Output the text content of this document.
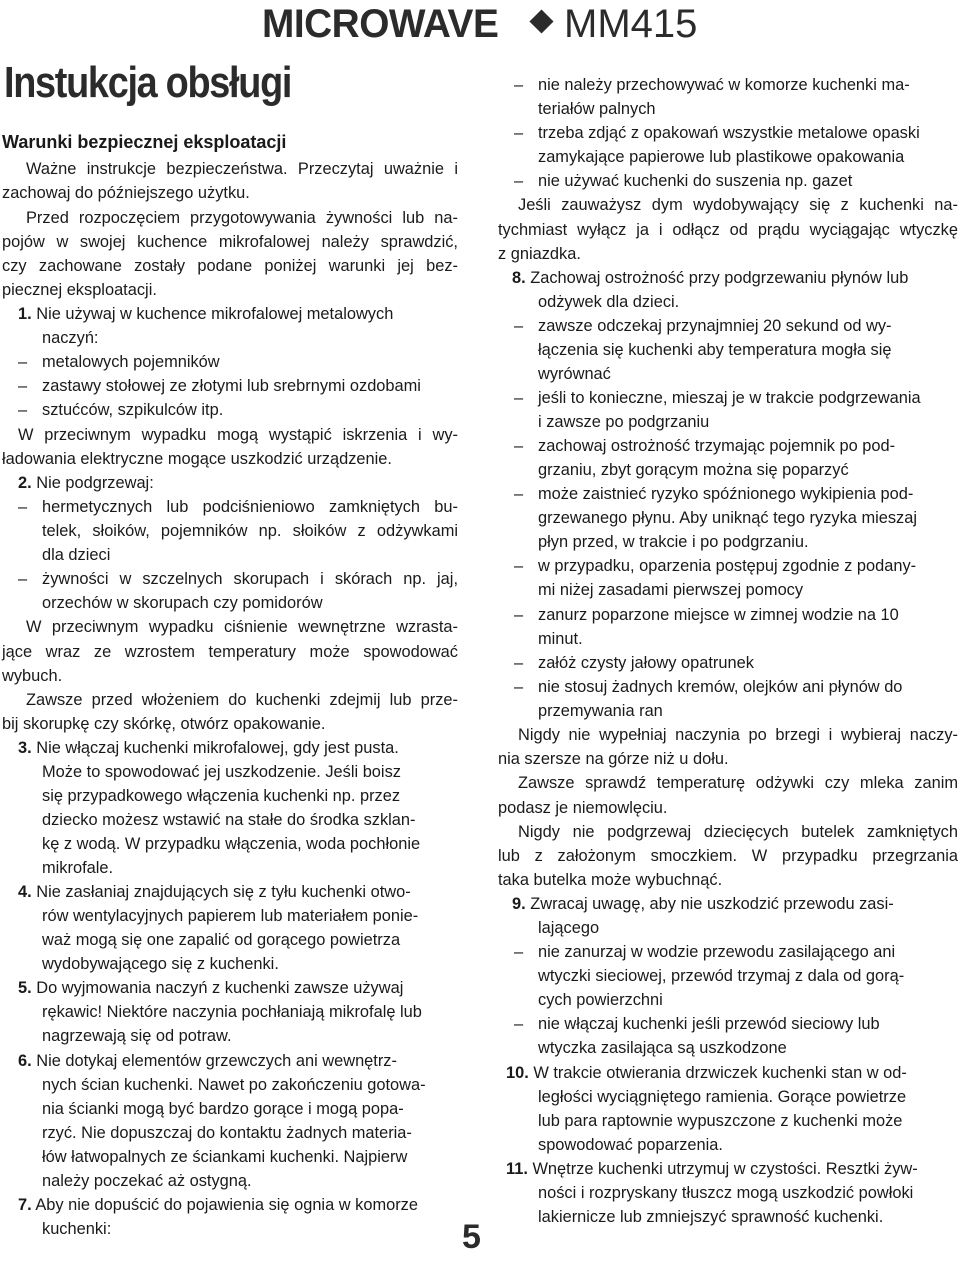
MICROWAVE MM415
Instukcja obsługi
Warunki bezpiecznej eksploatacji
Ważne instrukcje bezpieczeństwa. Przeczytaj uważnie i
zachowaj do późniejszego użytku.
Przed rozpoczęciem przygotowywania żywności lub na-
pojów w swojej kuchence mikrofalowej należy sprawdzić,
czy zachowane zostały podane poniżej warunki jej bez-
piecznej eksploatacji.
1. Nie używaj w kuchence mikrofalowej metalowych
naczyń:
– metalowych pojemników
– zastawy stołowej ze złotymi lub srebrnymi ozdobami
– sztućców, szpikulców itp.
W przeciwnym wypadku mogą wystąpić iskrzenia i wy-
ładowania elektryczne mogące uszkodzić urządzenie.
2. Nie podgrzewaj:
– hermetycznych lub podciśnieniowo zamkniętych bu-
telek, słoików, pojemników np. słoików z odżywkami
dla dzieci
– żywności w szczelnych skorupach i skórach np. jaj,
orzechów w skorupach czy pomidorów
W przeciwnym wypadku ciśnienie wewnętrzne wzrasta-
jące wraz ze wzrostem temperatury może spowodować
wybuch.
Zawsze przed włożeniem do kuchenki zdejmij lub prze-
bij skorupkę czy skórkę, otwórz opakowanie.
3. Nie włączaj kuchenki mikrofalowej, gdy jest pusta.
Może to spowodować jej uszkodzenie. Jeśli boisz
się przypadkowego włączenia kuchenki np. przez
dziecko możesz wstawić na stałe do środka szklan-
kę z wodą. W przypadku włączenia, woda pochłonie
mikrofale.
4. Nie zasłaniaj znajdujących się z tyłu kuchenki otwo-
rów wentylacyjnych papierem lub materiałem ponie-
waż mogą się one zapalić od gorącego powietrza
wydobywającego się z kuchenki.
5. Do wyjmowania naczyń z kuchenki zawsze używaj
rękawic! Niektóre naczynia pochłaniają mikrofalę lub
nagrzewają się od potraw.
6. Nie dotykaj elementów grzewczych ani wewnętrz-
nych ścian kuchenki. Nawet po zakończeniu gotowa-
nia ścianki mogą być bardzo gorące i mogą popa-
rzyć. Nie dopuszczaj do kontaktu żadnych materia-
łów łatwopalnych ze ściankami kuchenki. Najpierw
należy poczekać aż ostygną.
7. Aby nie dopuścić do pojawienia się ognia w komorze
kuchenki:
– nie należy przechowywać w komorze kuchenki ma-
teriałów palnych
– trzeba zdjąć z opakowań wszystkie metalowe opaski
zamykające papierowe lub plastikowe opakowania
– nie używać kuchenki do suszenia np. gazet
Jeśli zauważysz dym wydobywający się z kuchenki na-
tychmiast wyłącz ja i odłącz od prądu wyciągając wtyczkę
z gniazdka.
8. Zachowaj ostrożność przy podgrzewaniu płynów lub
odżywek dla dzieci.
– zawsze odczekaj przynajmniej 20 sekund od wy-
łączenia się kuchenki aby temperatura mogła się
wyrównać
– jeśli to konieczne, mieszaj je w trakcie podgrzewania
i zawsze po podgrzaniu
– zachowaj ostrożność trzymając pojemnik po pod-
grzaniu, zbyt gorącym można się poparzyć
– może zaistnieć ryzyko spóźnionego wykipienia pod-
grzewanego płynu. Aby uniknąć tego ryzyka mieszaj
płyn przed, w trakcie i po podgrzaniu.
– w przypadku, oparzenia postępuj zgodnie z podany-
mi niżej zasadami pierwszej pomocy
– zanurz poparzone miejsce w zimnej wodzie na 10
minut.
– załóż czysty jałowy opatrunek
– nie stosuj żadnych kremów, olejków ani płynów do
przemywania ran
Nigdy nie wypełniaj naczynia po brzegi i wybieraj naczy-
nia szersze na górze niż u dołu.
Zawsze sprawdź temperaturę odżywki czy mleka zanim
podasz je niemowlęciu.
Nigdy nie podgrzewaj dziecięcych butelek zamkniętych
lub z założonym smoczkiem. W przypadku przegrzania
taka butelka może wybuchnąć.
9. Zwracaj uwagę, aby nie uszkodzić przewodu zasi-
lającego
– nie zanurzaj w wodzie przewodu zasilającego ani
wtyczki sieciowej, przewód trzymaj z dala od gorą-
cych powierzchni
– nie włączaj kuchenki jeśli przewód sieciowy lub
wtyczka zasilająca są uszkodzone
10. W trakcie otwierania drzwiczek kuchenki stan w od-
ległości wyciągniętego ramienia. Gorące powietrze
lub para raptownie wypuszczone z kuchenki może
spowodować poparzenia.
11. Wnętrze kuchenki utrzymuj w czystości. Resztki żyw-
ności i rozpryskany tłuszcz mogą uszkodzić powłoki
lakiernicze lub zmniejszyć sprawność kuchenki.
5
